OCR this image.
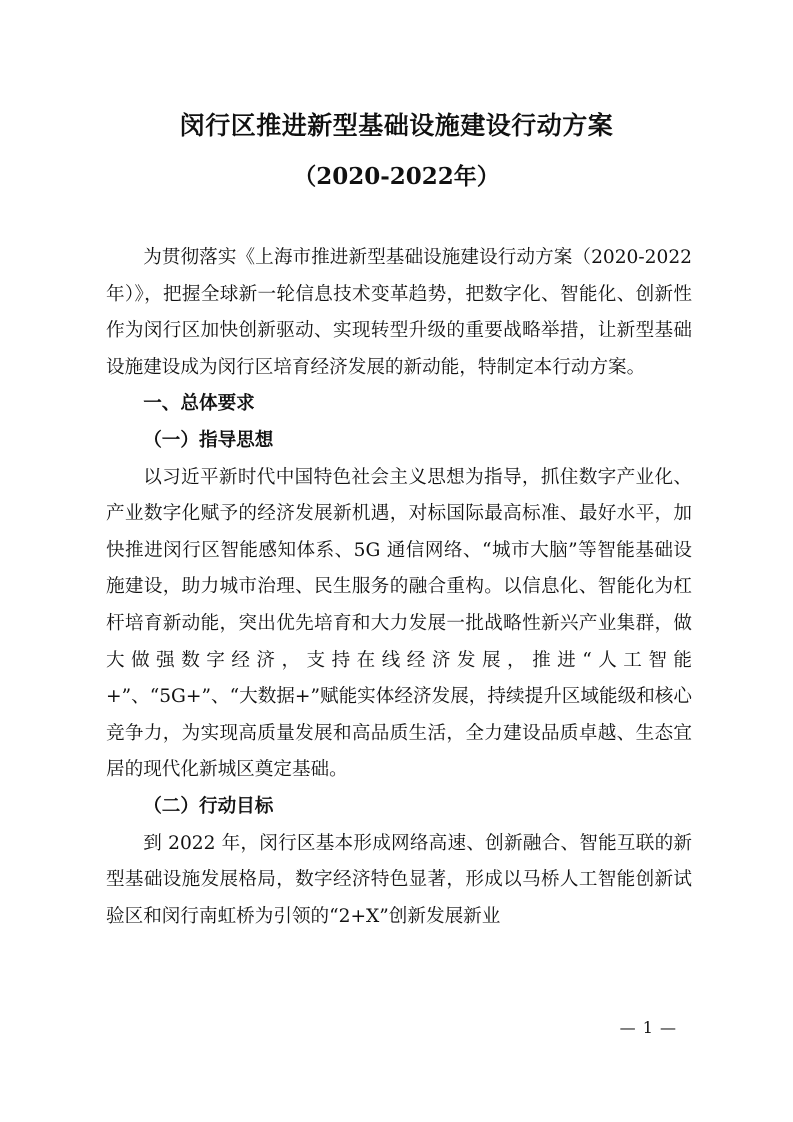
闵行区推进新型基础设施建设行动方案
（2020-2022年）

为贯彻落实《上海市推进新型基础设施建设行动方案（2020-2022年）》，把握全球新一轮信息技术变革趋势，把数字化、智能化、创新性作为闵行区加快创新驱动、实现转型升级的重要战略举措，让新型基础设施建设成为闵行区培育经济发展的新动能，特制定本行动方案。

一、总体要求

（一）指导思想

以习近平新时代中国特色社会主义思想为指导，抓住数字产业化、产业数字化赋予的经济发展新机遇，对标国际最高标准、最好水平，加快推进闵行区智能感知体系、5G 通信网络、“城市大脑”等智能基础设施建设，助力城市治理、民生服务的融合重构。以信息化、智能化为杠杆培育新动能，突出优先培育和大力发展一批战略性新兴产业集群，做大做强数字经济，支持在线经济发展，推进“人工智能+”、“5G+”、“大数据+”赋能实体经济发展，持续提升区域能级和核心竞争力，为实现高质量发展和高品质生活，全力建设品质卓越、生态宜居的现代化新城区奠定基础。

（二）行动目标

到 2022 年，闵行区基本形成网络高速、创新融合、智能互联的新型基础设施发展格局，数字经济特色显著，形成以马桥人工智能创新试验区和闵行南虹桥为引领的“2+X”创新发展新业

— 1 —
